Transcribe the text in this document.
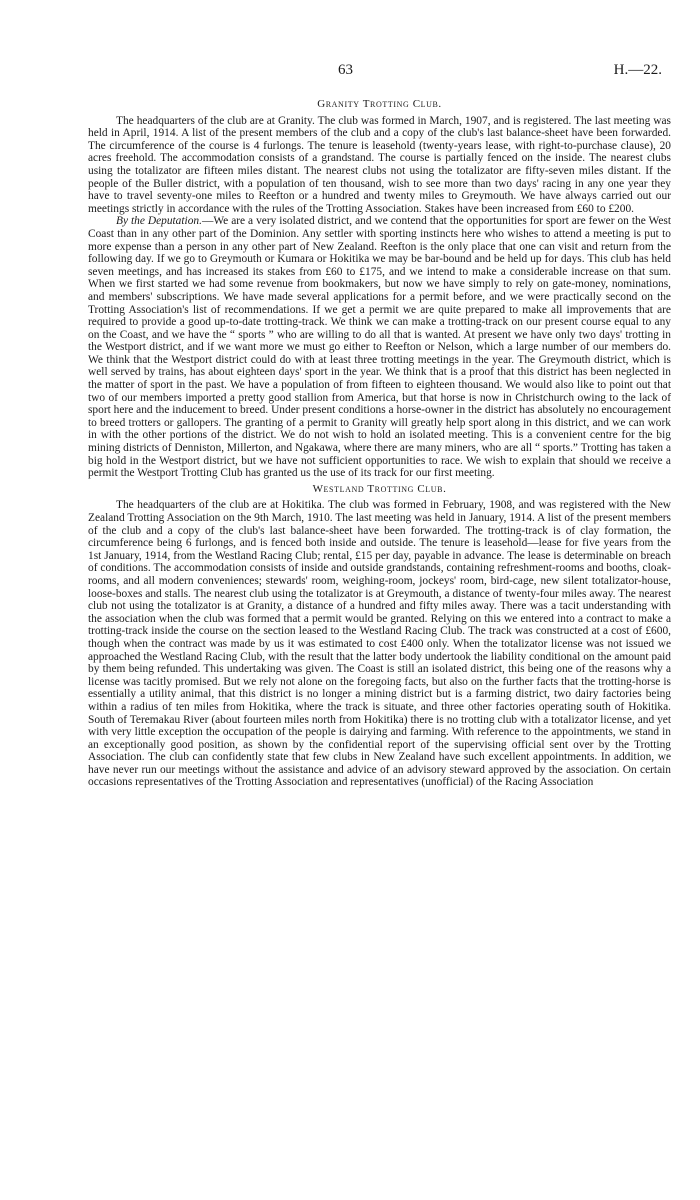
63	H.—22.
Granity Trotting Club.

The headquarters of the club are at Granity. The club was formed in March, 1907, and is registered. The last meeting was held in April, 1914. A list of the present members of the club and a copy of the club's last balance-sheet have been forwarded. The circumference of the course is 4 furlongs. The tenure is leasehold (twenty-years lease, with right-to-purchase clause), 20 acres freehold. The accommodation consists of a grandstand. The course is partially fenced on the inside. The nearest clubs using the totalizator are fifteen miles distant. The nearest clubs not using the totalizator are fifty-seven miles distant. If the people of the Buller district, with a population of ten thousand, wish to see more than two days' racing in any one year they have to travel seventy-one miles to Reefton or a hundred and twenty miles to Greymouth. We have always carried out our meetings strictly in accordance with the rules of the Trotting Association. Stakes have been increased from £60 to £200.

By the Deputation.—We are a very isolated district, and we contend that the opportunities for sport are fewer on the West Coast than in any other part of the Dominion. Any settler with sporting instincts here who wishes to attend a meeting is put to more expense than a person in any other part of New Zealand. Reefton is the only place that one can visit and return from the following day. If we go to Greymouth or Kumara or Hokitika we may be bar-bound and be held up for days. This club has held seven meetings, and has increased its stakes from £60 to £175, and we intend to make a considerable increase on that sum. When we first started we had some revenue from bookmakers, but now we have simply to rely on gate-money, nominations, and members' subscriptions. We have made several applications for a permit before, and we were practically second on the Trotting Association's list of recommendations. If we get a permit we are quite prepared to make all improvements that are required to provide a good up-to-date trotting-track. We think we can make a trotting-track on our present course equal to any on the Coast, and we have the “ sports ” who are willing to do all that is wanted. At present we have only two days' trotting in the Westport district, and if we want more we must go either to Reefton or Nelson, which a large number of our members do. We think that the Westport district could do with at least three trotting meetings in the year. The Greymouth district, which is well served by trains, has about eighteen days' sport in the year. We think that is a proof that this district has been neglected in the matter of sport in the past. We have a population of from fifteen to eighteen thousand. We would also like to point out that two of our members imported a pretty good stallion from America, but that horse is now in Christchurch owing to the lack of sport here and the inducement to breed. Under present conditions a horse-owner in the district has absolutely no encouragement to breed trotters or gallopers. The granting of a permit to Granity will greatly help sport along in this district, and we can work in with the other portions of the district. We do not wish to hold an isolated meeting. This is a convenient centre for the big mining districts of Denniston, Millerton, and Ngakawa, where there are many miners, who are all “ sports.” Trotting has taken a big hold in the Westport district, but we have not sufficient opportunities to race. We wish to explain that should we receive a permit the Westport Trotting Club has granted us the use of its track for our first meeting.

Westland Trotting Club.

The headquarters of the club are at Hokitika. The club was formed in February, 1908, and was registered with the New Zealand Trotting Association on the 9th March, 1910. The last meeting was held in January, 1914. A list of the present members of the club and a copy of the club's last balance-sheet have been forwarded. The trotting-track is of clay formation, the circumference being 6 furlongs, and is fenced both inside and outside. The tenure is leasehold—lease for five years from the 1st January, 1914, from the Westland Racing Club; rental, £15 per day, payable in advance. The lease is determinable on breach of conditions. The accommodation consists of inside and outside grandstands, containing refreshment-rooms and booths, cloak-rooms, and all modern conveniences; stewards' room, weighing-room, jockeys' room, bird-cage, new silent totalizator-house, loose-boxes and stalls. The nearest club using the totalizator is at Greymouth, a distance of twenty-four miles away. The nearest club not using the totalizator is at Granity, a distance of a hundred and fifty miles away. There was a tacit understanding with the association when the club was formed that a permit would be granted. Relying on this we entered into a contract to make a trotting-track inside the course on the section leased to the Westland Racing Club. The track was constructed at a cost of £600, though when the contract was made by us it was estimated to cost £400 only. When the totalizator license was not issued we approached the Westland Racing Club, with the result that the latter body undertook the liability conditional on the amount paid by them being refunded. This undertaking was given. The Coast is still an isolated district, this being one of the reasons why a license was tacitly promised. But we rely not alone on the foregoing facts, but also on the further facts that the trotting-horse is essentially a utility animal, that this district is no longer a mining district but is a farming district, two dairy factories being within a radius of ten miles from Hokitika, where the track is situate, and three other factories operating south of Hokitika. South of Teremakau River (about fourteen miles north from Hokitika) there is no trotting club with a totalizator license, and yet with very little exception the occupation of the people is dairying and farming. With reference to the appointments, we stand in an exceptionally good position, as shown by the confidential report of the supervising official sent over by the Trotting Association. The club can confidently state that few clubs in New Zealand have such excellent appointments. In addition, we have never run our meetings without the assistance and advice of an advisory steward approved by the association. On certain occasions representatives of the Trotting Association and representatives (unofficial) of the Racing Association
